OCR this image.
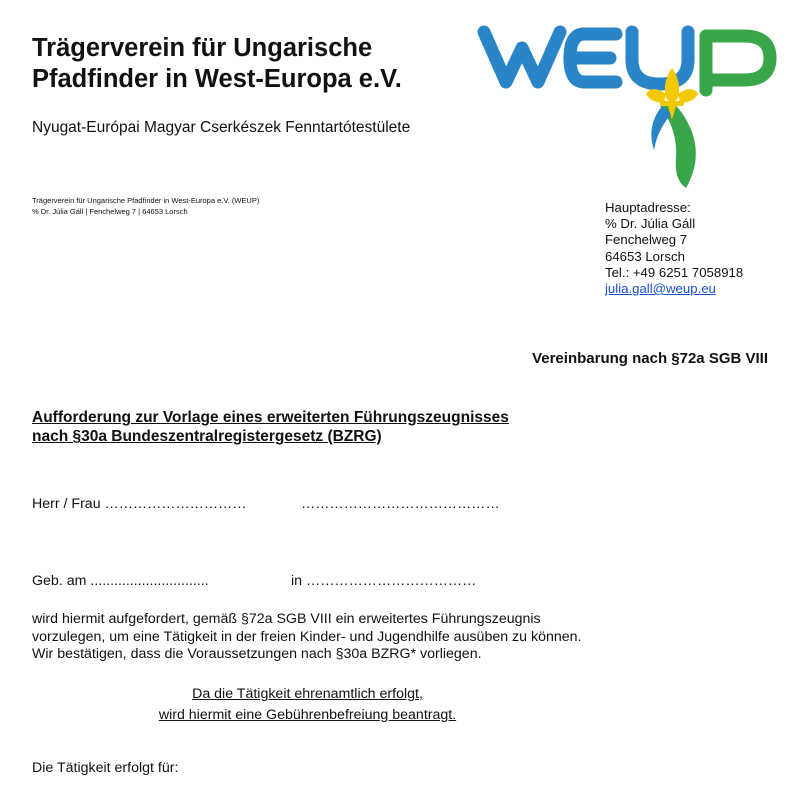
Trägerverein für Ungarische
Pfadfinder in West-Europa e.V.
Nyugat-Európai Magyar Cserkészek Fenntartótestülete
Trägerverein für Ungarische Pfadfinder in West-Europa e.V. (WEUP)
% Dr. Júlia Gáll | Fenchelweg 7 | 64653 Lorsch	Hauptadresse:
% Dr. Júlia Gáll
Fenchelweg 7
64653 Lorsch
Tel.: +49 6251 7058918
julia.gall@weup.eu
Vereinbarung nach §72a SGB VIII
Aufforderung zur Vorlage eines erweiterten Führungszeugnisses
nach §30a Bundeszentralregistergesetz (BZRG)
Herr / Frau …………………………	……………………………………
Geb. am ..............................	in ………………………………
wird hiermit aufgefordert, gemäß §72a SGB VIII ein erweitertes Führungszeugnis
vorzulegen, um eine Tätigkeit in der freien Kinder- und Jugendhilfe ausüben zu können.
Wir bestätigen, dass die Voraussetzungen nach §30a BZRG* vorliegen.
Da die Tätigkeit ehrenamtlich erfolgt,
wird hiermit eine Gebührenbefreiung beantragt.
Die Tätigkeit erfolgt für:
